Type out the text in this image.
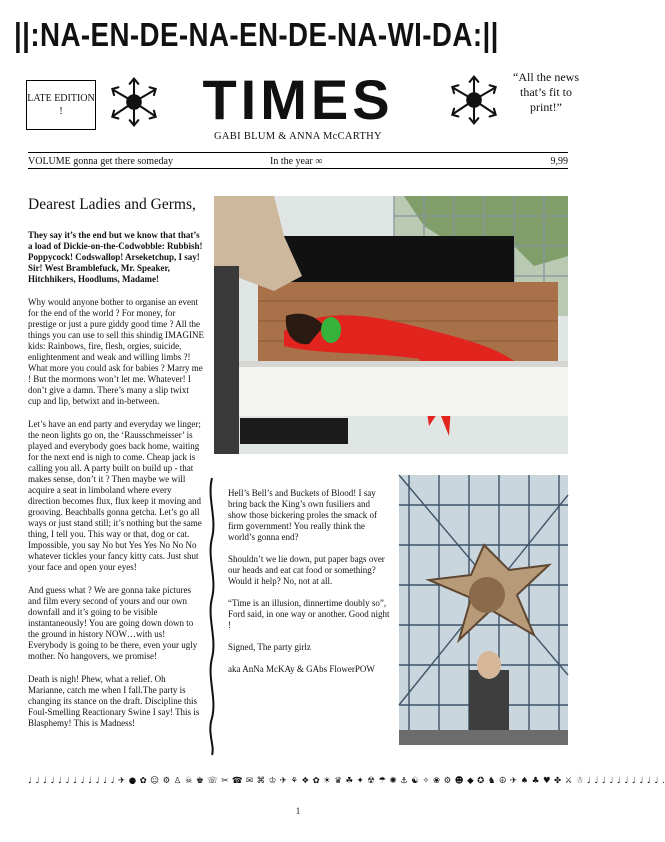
||:NA-EN-DE-NA-EN-DE-NA-WI-DA:||
LATE EDITION !	TIMES
GABI BLUM & ANNA McCARTHY
“All the news that’s fit to print!”
VOLUME gonna get there someday	In the year ∞	9,99
Dearest Ladies and Germs,

They say it’s the end but we know that that’s a load of Dickie-on-the-Codwobble: Rubbish! Poppycock! Codswallop! Arseketchup, I say! Sir! West Bramblefuck, Mr. Speaker, Hitchhikers, Hoodlums, Madame!

Why would anyone bother to organise an event for the end of the world ? For money, for prestige or just a pure giddy good time ? All the things you can use to sell this shindig IMAGINE kids: Rainbows, fire, flesh, orgies, suicide, enlightenment and weak and willing limbs ?! What more you could ask for babies ? Marry me ! But the mormons won’t let me. Whatever! I don’t give a damn. There’s many a slip twixt cup and lip, betwixt and in-between.

Let’s have an end party and everyday we linger; the neon lights go on, the ‘Rausschmeisser’ is played and everybody goes back home, waiting for the next end is nigh to come. Cheap jack is calling you all. A party built on build up - that makes sense, don’t it ? Then maybe we will acquire a seat in limboland where every direction becomes flux, flux keep it moving and grooving. Beachballs gonna getcha. Let’s go all ways or just stand still; it’s nothing but the same thing, I tell you. This way or that, dog or cat. Impossible, you say No but Yes Yes No No No whatever tickles your fancy kitty cats. Just shut your face and open your eyes!

And guess what ? We are gonna take pictures and film every second of yours and our own downfall and it’s going to be visible instantaneously! You are going down down to the ground in history NOW…with us! Everybody is going to be there, even your ugly mother. No hangovers, we promise!

Death is nigh! Phew, what a relief. Oh Marianne, catch me when I fall.The party is changing its stance on the draft. Discipline this Foul-Smelling Reactionary Swine I say! This is Blasphemy! This is Madness!

Hell’s Bell’s and Buckets of Blood! I say bring back the King’s own fusiliers and show those bickering proles the smack of firm government! You really think the world’s gonna end?

Shouldn’t we lie down, put paper bags over our heads and eat cat food or something? Would it help? No, not at all.

“Time is an illusion, dinnertime doubly so”, Ford said, in one way or another. Good night !

Signed, The party girlz

aka AnNa McKAy & GAbs FlowerPOW

♩ ♩ ♩ ♩ ♩ ♩ ♩ ♩ ♩ ♩ ♩ ♩ ✈ ● ✿ ☺ ⚙ ♙ ☠ ♚ ☏ ✂ ☎ ✉ ⌘ ♔ ✈ ⚘ ❖ ✿ ☀ ♛ ☘ ✦ ☢ ☂ ✺ ⚓ ☯ ✧ ❀ ⚙ ☻ ◆ ✪ ♞ ☮ ✈ ♠ ♣ ♥ ✤ ⚔ ☃ ♩ ♩ ♩ ♩ ♩ ♩ ♩ ♩ ♩ ♩ .
1
